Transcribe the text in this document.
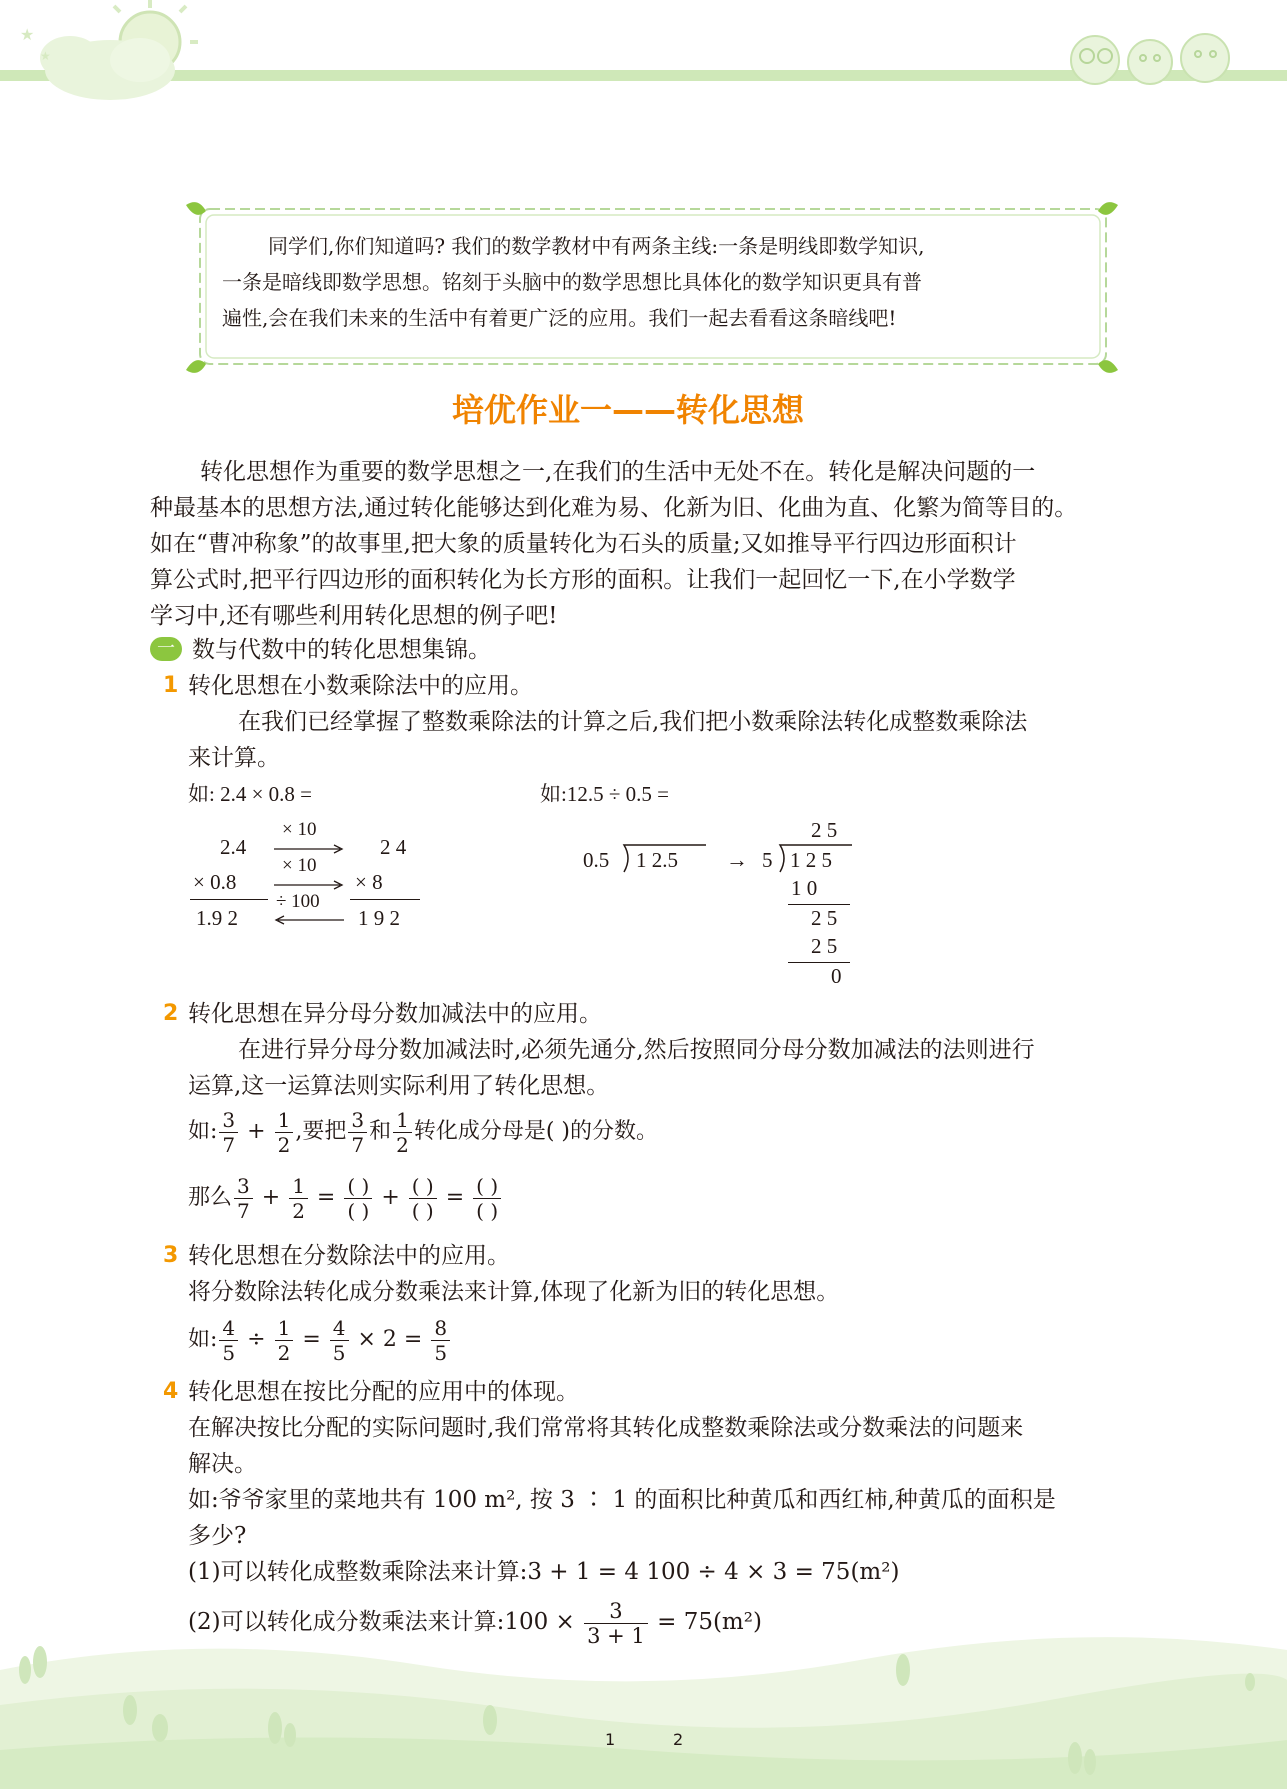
★
★
同学们,你们知道吗? 我们的数学教材中有两条主线:一条是明线即数学知识,
一条是暗线即数学思想。铭刻于头脑中的数学思想比具体化的数学知识更具有普
遍性,会在我们未来的生活中有着更广泛的应用。我们一起去看看这条暗线吧!
培优作业一——转化思想
转化思想作为重要的数学思想之一,在我们的生活中无处不在。转化是解决问题的一
种最基本的思想方法,通过转化能够达到化难为易、化新为旧、化曲为直、化繁为简等目的。
如在“曹冲称象”的故事里,把大象的质量转化为石头的质量;又如推导平行四边形面积计
算公式时,把平行四边形的面积转化为长方形的面积。让我们一起回忆一下,在小学数学
学习中,还有哪些利用转化思想的例子吧!
一 数与代数中的转化思想集锦。
1 转化思想在小数乘除法中的应用。
在我们已经掌握了整数乘除法的计算之后,我们把小数乘除法转化成整数乘除法
来计算。
如: 2.4 × 0.8 =	如:12.5 ÷ 0.5 =
2.4
× 0.8
1.9 2
2 4
× 8
1 9 2
× 10
× 10
÷ 100
0.5 1 2.5 → 5 1 2 5
2 5
1 0
2 5
2 5
0
2 转化思想在异分母分数加减法中的应用。
在进行异分母分数加减法时,必须先通分,然后按照同分母分数加减法的法则进行
运算,这一运算法则实际利用了转化思想。
如: $\frac{3}{7} + \frac{1}{2}$ ,要把 $\frac{3}{7}$ 和 $\frac{1}{2}$ 转化成分母是( )的分数。
那么 $\frac{3}{7} + \frac{1}{2} = \frac{( )}{( )} + \frac{( )}{( )} = \frac{( )}{( )}$
3 转化思想在分数除法中的应用。
将分数除法转化成分数乘法来计算,体现了化新为旧的转化思想。
如: $\frac{4}{5} \div \frac{1}{2} = \frac{4}{5} \times 2 = \frac{8}{5}$
4 转化思想在按比分配的应用中的体现。
在解决按比分配的实际问题时,我们常常将其转化成整数乘除法或分数乘法的问题来
解决。
如:爷爷家里的菜地共有 100 m², 按 3 ∶ 1 的面积比种黄瓜和西红柿,种黄瓜的面积是
多少?
(1)可以转化成整数乘除法来计算:3 + 1 = 4 100 ÷ 4 × 3 = 75(m²)
(2)可以转化成分数乘法来计算:100 × $\frac{3}{3 + 1} = 75(m^2)$
1	2
